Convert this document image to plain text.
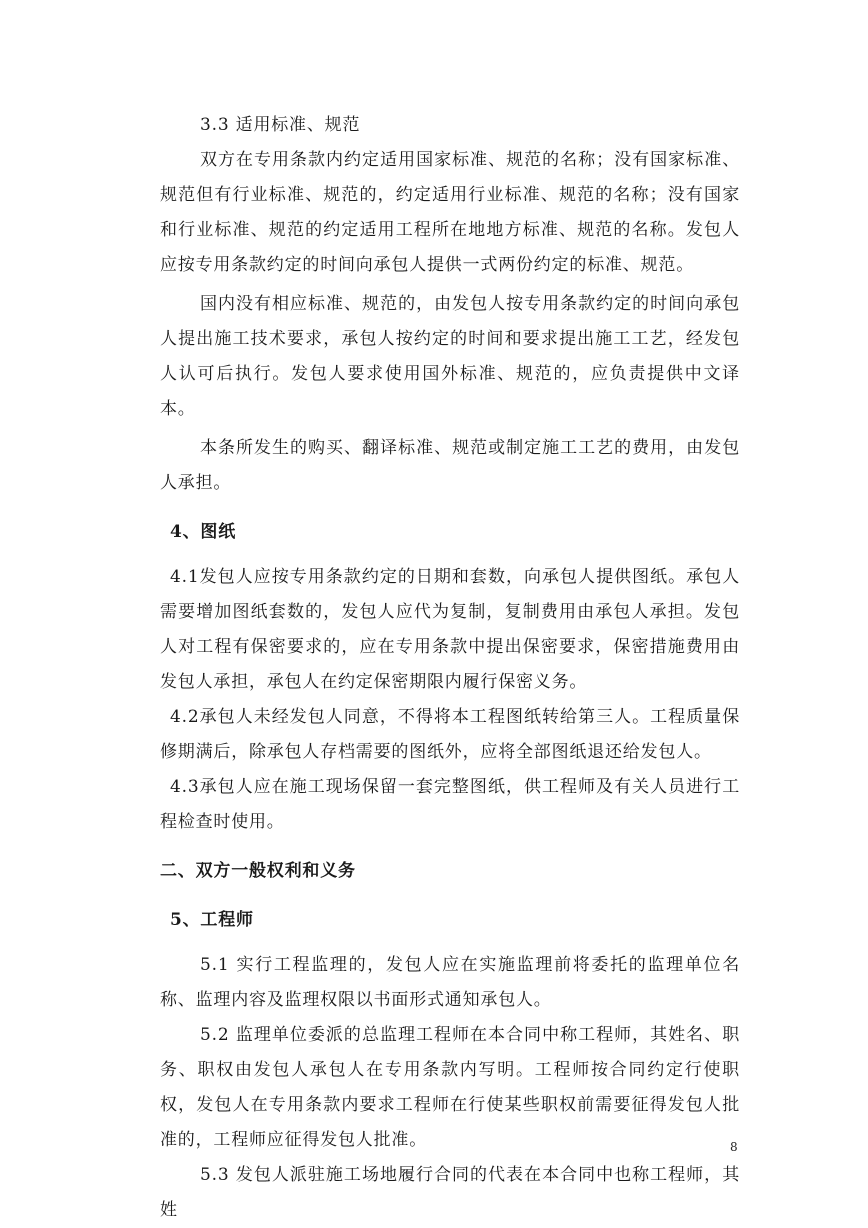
3.3 适用标准、规范

双方在专用条款内约定适用国家标准、规范的名称；没有国家标准、规范但有行业标准、规范的，约定适用行业标准、规范的名称；没有国家和行业标准、规范的约定适用工程所在地地方标准、规范的名称。发包人应按专用条款约定的时间向承包人提供一式两份约定的标准、规范。

国内没有相应标准、规范的，由发包人按专用条款约定的时间向承包人提出施工技术要求，承包人按约定的时间和要求提出施工工艺，经发包人认可后执行。发包人要求使用国外标准、规范的，应负责提供中文译本。

本条所发生的购买、翻译标准、规范或制定施工工艺的费用，由发包人承担。

4、图纸

4.1发包人应按专用条款约定的日期和套数，向承包人提供图纸。承包人需要增加图纸套数的，发包人应代为复制，复制费用由承包人承担。发包人对工程有保密要求的，应在专用条款中提出保密要求，保密措施费用由发包人承担，承包人在约定保密期限内履行保密义务。

4.2承包人未经发包人同意，不得将本工程图纸转给第三人。工程质量保修期满后，除承包人存档需要的图纸外，应将全部图纸退还给发包人。

4.3承包人应在施工现场保留一套完整图纸，供工程师及有关人员进行工程检查时使用。

二、双方一般权利和义务

5、工程师

5.1 实行工程监理的，发包人应在实施监理前将委托的监理单位名称、监理内容及监理权限以书面形式通知承包人。

5.2 监理单位委派的总监理工程师在本合同中称工程师，其姓名、职务、职权由发包人承包人在专用条款内写明。工程师按合同约定行使职权，发包人在专用条款内要求工程师在行使某些职权前需要征得发包人批准的，工程师应征得发包人批准。

5.3 发包人派驻施工场地履行合同的代表在本合同中也称工程师，其姓

8
